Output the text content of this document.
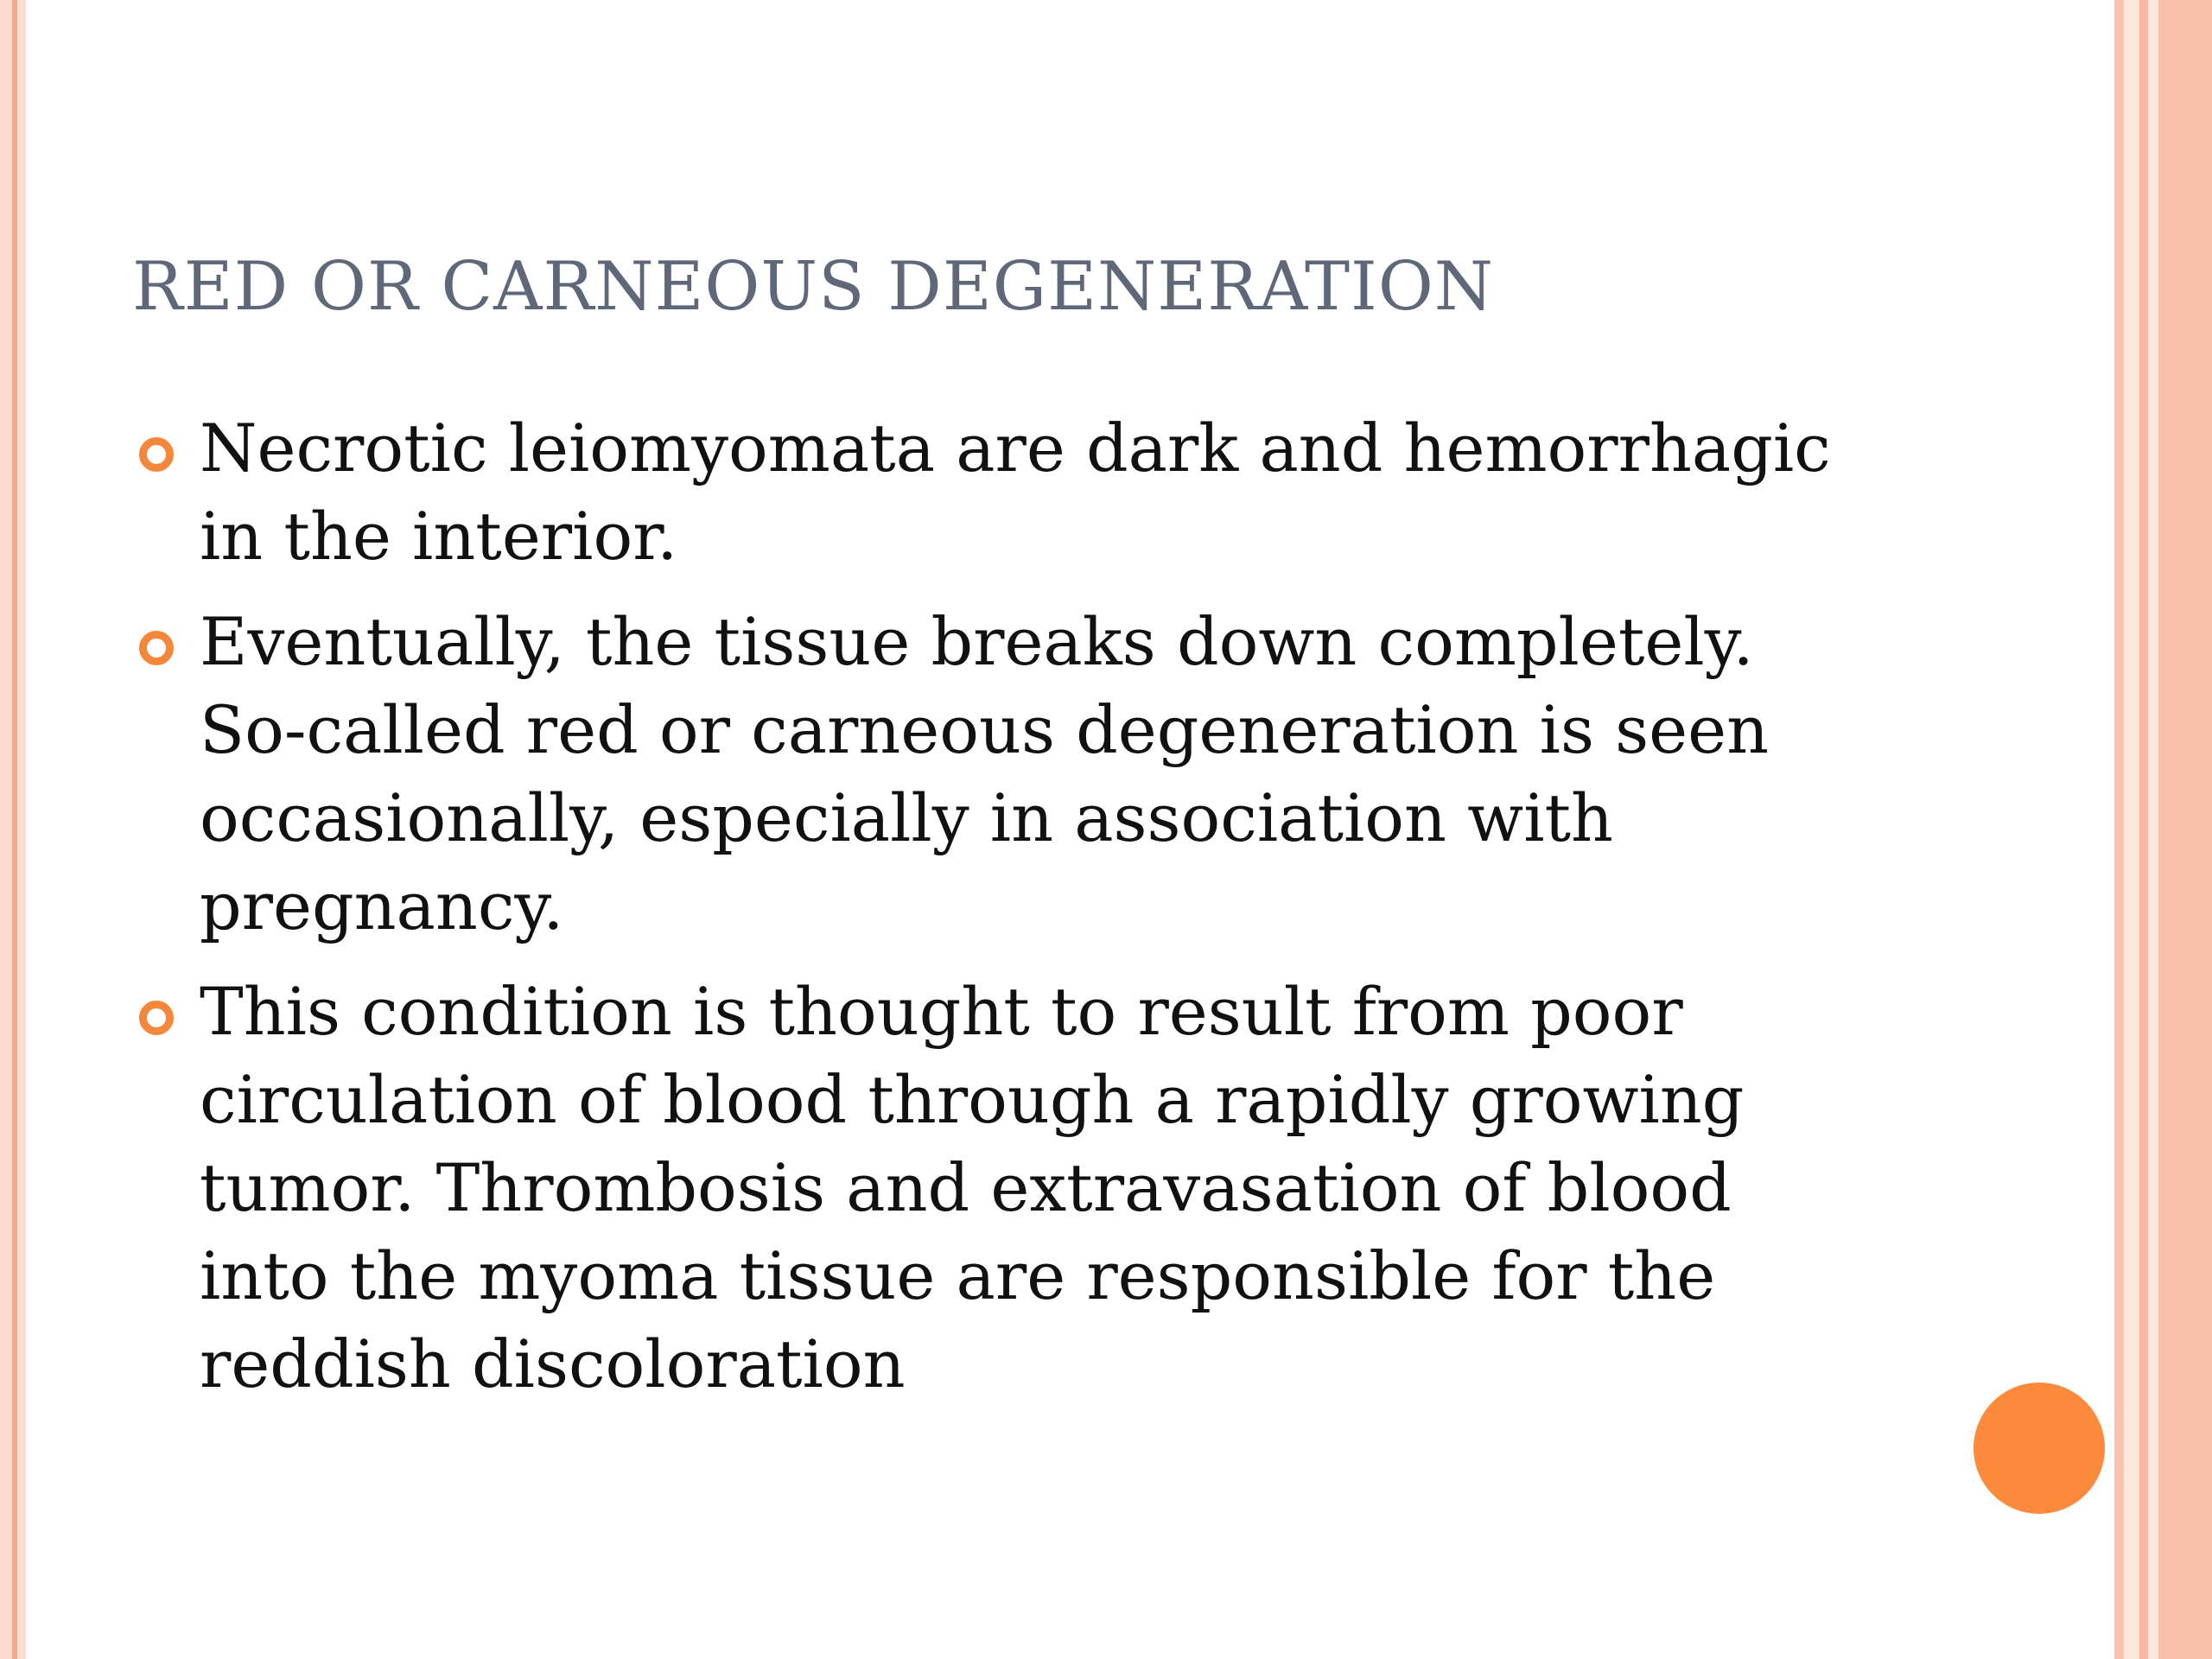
RED OR CARNEOUS DEGENERATION
Necrotic leiomyomata are dark and hemorrhagic
in the interior.
Eventually, the tissue breaks down completely.
So-called red or carneous degeneration is seen
occasionally, especially in association with
pregnancy.
This condition is thought to result from poor
circulation of blood through a rapidly growing
tumor. Thrombosis and extravasation of blood
into the myoma tissue are responsible for the
reddish discoloration
